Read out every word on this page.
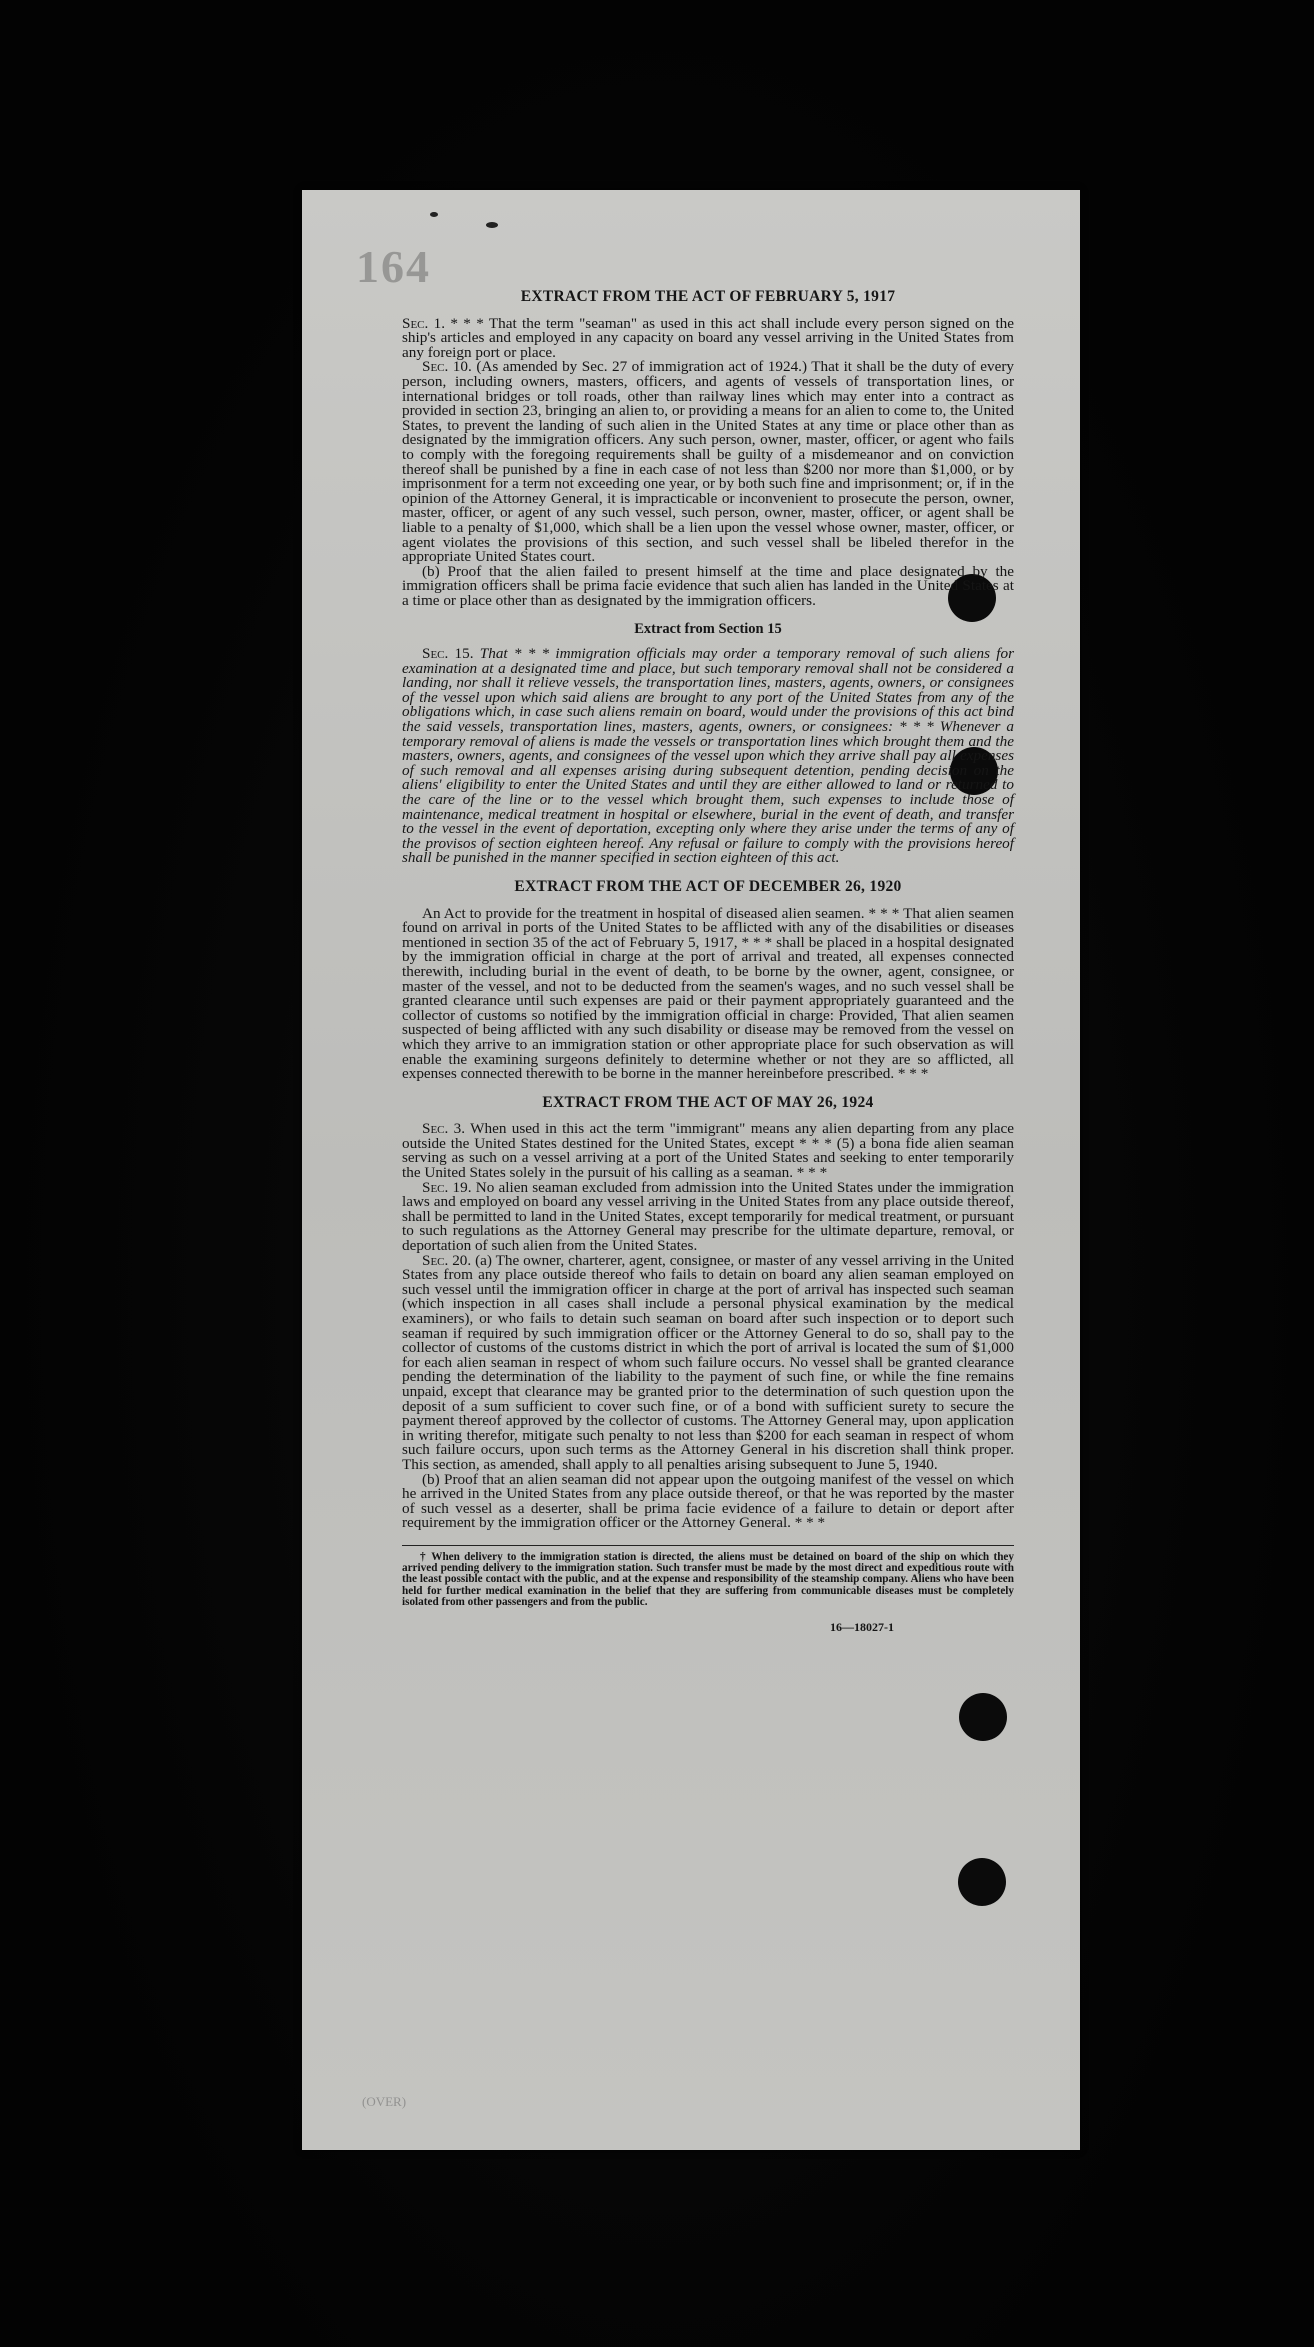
164
EXTRACT FROM THE ACT OF FEBRUARY 5, 1917

Sec. 1. * * * That the term "seaman" as used in this act shall include every person signed on the ship's articles and employed in any capacity on board any vessel arriving in the United States from any foreign port or place.

Sec. 10. (As amended by Sec. 27 of immigration act of 1924.) That it shall be the duty of every person, including owners, masters, officers, and agents of vessels of transportation lines, or international bridges or toll roads, other than railway lines which may enter into a contract as provided in section 23, bringing an alien to, or providing a means for an alien to come to, the United States, to prevent the landing of such alien in the United States at any time or place other than as designated by the immigration officers. Any such person, owner, master, officer, or agent who fails to comply with the foregoing requirements shall be guilty of a misdemeanor and on conviction thereof shall be punished by a fine in each case of not less than $200 nor more than $1,000, or by imprisonment for a term not exceeding one year, or by both such fine and imprisonment; or, if in the opinion of the Attorney General, it is impracticable or inconvenient to prosecute the person, owner, master, officer, or agent of any such vessel, such person, owner, master, officer, or agent shall be liable to a penalty of $1,000, which shall be a lien upon the vessel whose owner, master, officer, or agent violates the provisions of this section, and such vessel shall be libeled therefor in the appropriate United States court.

(b) Proof that the alien failed to present himself at the time and place designated by the immigration officers shall be prima facie evidence that such alien has landed in the United States at a time or place other than as designated by the immigration officers.

Extract from Section 15

Sec. 15. That * * * immigration officials may order a temporary removal of such aliens for examination at a designated time and place, but such temporary removal shall not be considered a landing, nor shall it relieve vessels, the transportation lines, masters, agents, owners, or consignees of the vessel upon which said aliens are brought to any port of the United States from any of the obligations which, in case such aliens remain on board, would under the provisions of this act bind the said vessels, transportation lines, masters, agents, owners, or consignees: * * * Whenever a temporary removal of aliens is made the vessels or transportation lines which brought them and the masters, owners, agents, and consignees of the vessel upon which they arrive shall pay all expenses of such removal and all expenses arising during subsequent detention, pending decision on the aliens' eligibility to enter the United States and until they are either allowed to land or returned to the care of the line or to the vessel which brought them, such expenses to include those of maintenance, medical treatment in hospital or elsewhere, burial in the event of death, and transfer to the vessel in the event of deportation, excepting only where they arise under the terms of any of the provisos of section eighteen hereof. Any refusal or failure to comply with the provisions hereof shall be punished in the manner specified in section eighteen of this act.

EXTRACT FROM THE ACT OF DECEMBER 26, 1920

An Act to provide for the treatment in hospital of diseased alien seamen. * * * That alien seamen found on arrival in ports of the United States to be afflicted with any of the disabilities or diseases mentioned in section 35 of the act of February 5, 1917, * * * shall be placed in a hospital designated by the immigration official in charge at the port of arrival and treated, all expenses connected therewith, including burial in the event of death, to be borne by the owner, agent, consignee, or master of the vessel, and not to be deducted from the seamen's wages, and no such vessel shall be granted clearance until such expenses are paid or their payment appropriately guaranteed and the collector of customs so notified by the immigration official in charge: Provided, That alien seamen suspected of being afflicted with any such disability or disease may be removed from the vessel on which they arrive to an immigration station or other appropriate place for such observation as will enable the examining surgeons definitely to determine whether or not they are so afflicted, all expenses connected therewith to be borne in the manner hereinbefore prescribed. * * *

EXTRACT FROM THE ACT OF MAY 26, 1924

Sec. 3. When used in this act the term "immigrant" means any alien departing from any place outside the United States destined for the United States, except * * * (5) a bona fide alien seaman serving as such on a vessel arriving at a port of the United States and seeking to enter temporarily the United States solely in the pursuit of his calling as a seaman. * * *

Sec. 19. No alien seaman excluded from admission into the United States under the immigration laws and employed on board any vessel arriving in the United States from any place outside thereof, shall be permitted to land in the United States, except temporarily for medical treatment, or pursuant to such regulations as the Attorney General may prescribe for the ultimate departure, removal, or deportation of such alien from the United States.

Sec. 20. (a) The owner, charterer, agent, consignee, or master of any vessel arriving in the United States from any place outside thereof who fails to detain on board any alien seaman employed on such vessel until the immigration officer in charge at the port of arrival has inspected such seaman (which inspection in all cases shall include a personal physical examination by the medical examiners), or who fails to detain such seaman on board after such inspection or to deport such seaman if required by such immigration officer or the Attorney General to do so, shall pay to the collector of customs of the customs district in which the port of arrival is located the sum of $1,000 for each alien seaman in respect of whom such failure occurs. No vessel shall be granted clearance pending the determination of the liability to the payment of such fine, or while the fine remains unpaid, except that clearance may be granted prior to the determination of such question upon the deposit of a sum sufficient to cover such fine, or of a bond with sufficient surety to secure the payment thereof approved by the collector of customs. The Attorney General may, upon application in writing therefor, mitigate such penalty to not less than $200 for each seaman in respect of whom such failure occurs, upon such terms as the Attorney General in his discretion shall think proper. This section, as amended, shall apply to all penalties arising subsequent to June 5, 1940.

(b) Proof that an alien seaman did not appear upon the outgoing manifest of the vessel on which he arrived in the United States from any place outside thereof, or that he was reported by the master of such vessel as a deserter, shall be prima facie evidence of a failure to detain or deport after requirement by the immigration officer or the Attorney General. * * *

† When delivery to the immigration station is directed, the aliens must be detained on board of the ship on which they arrived pending delivery to the immigration station. Such transfer must be made by the most direct and expeditious route with the least possible contact with the public, and at the expense and responsibility of the steamship company. Aliens who have been held for further medical examination in the belief that they are suffering from communicable diseases must be completely isolated from other passengers and from the public.

16—18027-1
(OVER)
